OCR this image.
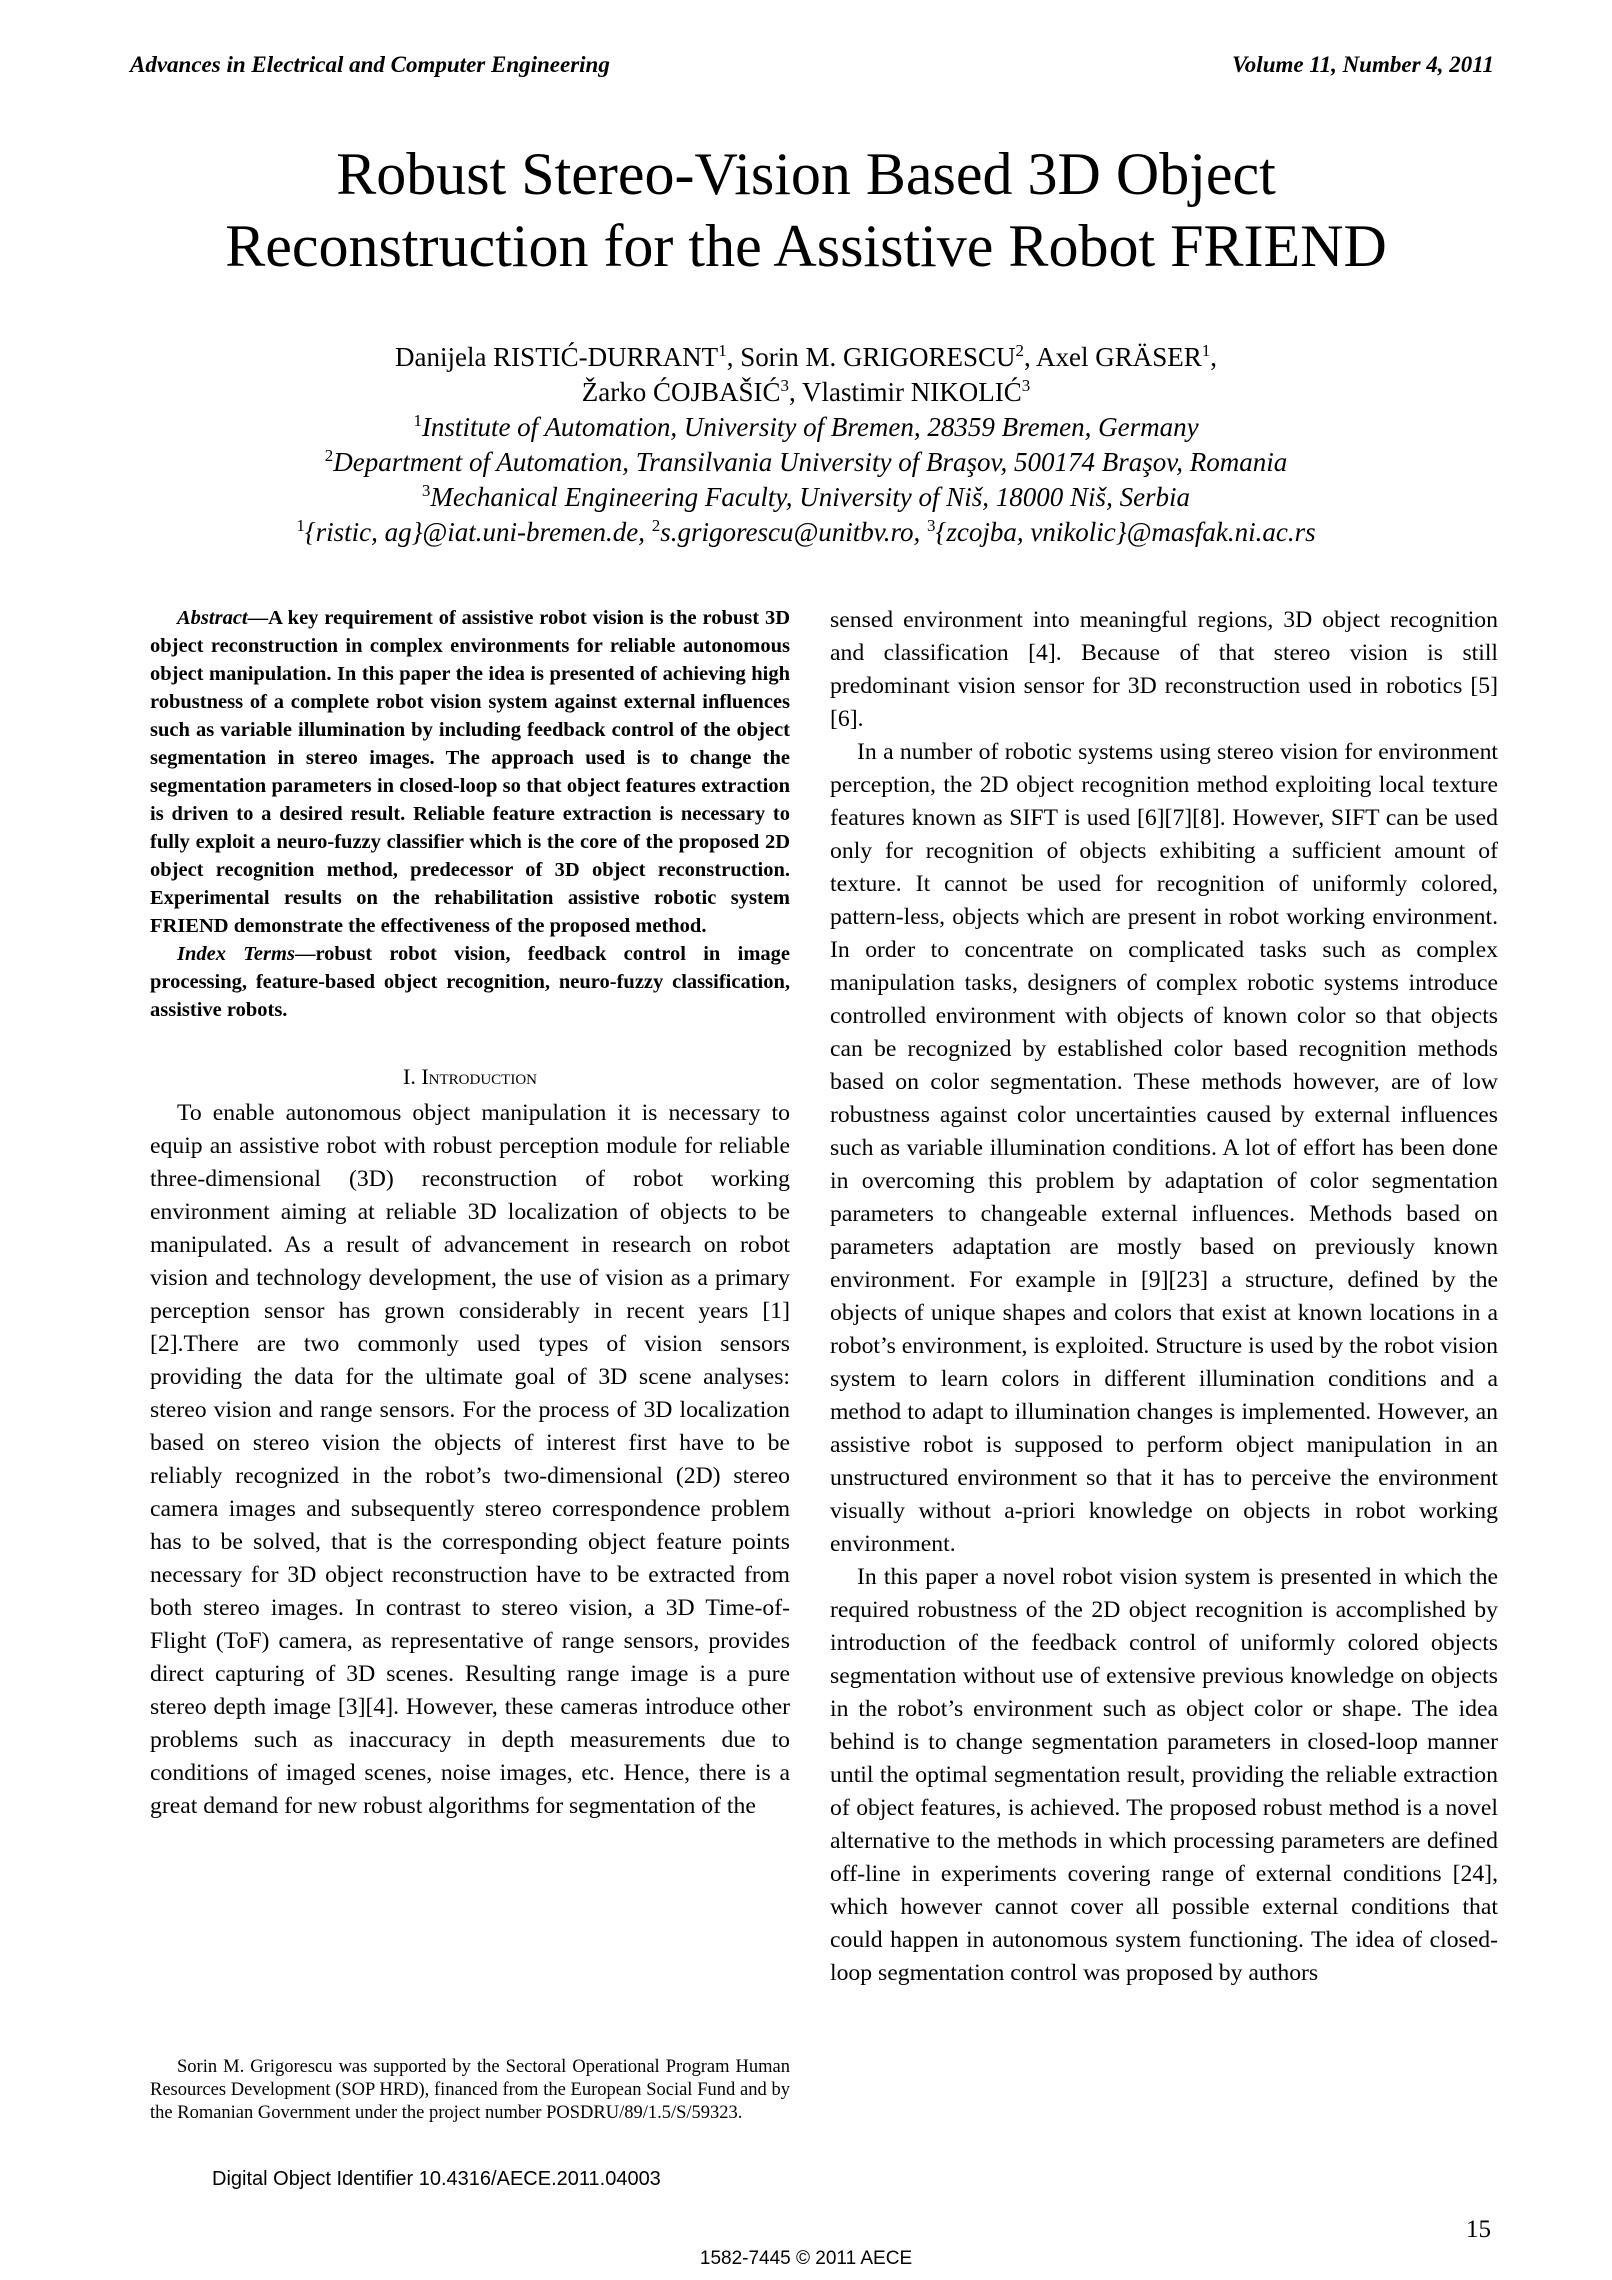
Advances in Electrical and Computer Engineering	Volume 11, Number 4, 2011
Robust Stereo-Vision Based 3D Object
Reconstruction for the Assistive Robot FRIEND
Danijela RISTIĆ-DURRANT$^1$, Sorin M. GRIGORESCU$^2$, Axel GRÄSER$^1$,
Žarko ĆOJBAŠIĆ$^3$, Vlastimir NIKOLIĆ$^3$
$^1$Institute of Automation, University of Bremen, 28359 Bremen, Germany
$^2$Department of Automation, Transilvania University of Braşov, 500174 Braşov, Romania
$^3$Mechanical Engineering Faculty, University of Niš, 18000 Niš, Serbia
$^1${ristic, ag}@iat.uni-bremen.de, $^2$s.grigorescu@unitbv.ro, $^3${zcojba, vnikolic}@masfak.ni.ac.rs

Abstract—A key requirement of assistive robot vision is the robust 3D object reconstruction in complex environments for reliable autonomous object manipulation. In this paper the idea is presented of achieving high robustness of a complete robot vision system against external influences such as variable illumination by including feedback control of the object segmentation in stereo images. The approach used is to change the segmentation parameters in closed-loop so that object features extraction is driven to a desired result. Reliable feature extraction is necessary to fully exploit a neuro-fuzzy classifier which is the core of the proposed 2D object recognition method, predecessor of 3D object reconstruction. Experimental results on the rehabilitation assistive robotic system FRIEND demonstrate the effectiveness of the proposed method.

Index Terms—robust robot vision, feedback control in image processing, feature-based object recognition, neuro-fuzzy classification, assistive robots.

I. Introduction

To enable autonomous object manipulation it is necessary to equip an assistive robot with robust perception module for reliable three-dimensional (3D) reconstruction of robot working environment aiming at reliable 3D localization of objects to be manipulated. As a result of advancement in research on robot vision and technology development, the use of vision as a primary perception sensor has grown considerably in recent years [1][2].There are two commonly used types of vision sensors providing the data for the ultimate goal of 3D scene analyses: stereo vision and range sensors. For the process of 3D localization based on stereo vision the objects of interest first have to be reliably recognized in the robot’s two-dimensional (2D) stereo camera images and subsequently stereo correspondence problem has to be solved, that is the corresponding object feature points necessary for 3D object reconstruction have to be extracted from both stereo images. In contrast to stereo vision, a 3D Time-of-Flight (ToF) camera, as representative of range sensors, provides direct capturing of 3D scenes. Resulting range image is a pure stereo depth image [3][4]. However, these cameras introduce other problems such as inaccuracy in depth measurements due to conditions of imaged scenes, noise images, etc. Hence, there is a great demand for new robust algorithms for segmentation of the

sensed environment into meaningful regions, 3D object recognition and classification [4]. Because of that stereo vision is still predominant vision sensor for 3D reconstruction used in robotics [5][6].

In a number of robotic systems using stereo vision for environment perception, the 2D object recognition method exploiting local texture features known as SIFT is used [6][7][8]. However, SIFT can be used only for recognition of objects exhibiting a sufficient amount of texture. It cannot be used for recognition of uniformly colored, pattern-less, objects which are present in robot working environment. In order to concentrate on complicated tasks such as complex manipulation tasks, designers of complex robotic systems introduce controlled environment with objects of known color so that objects can be recognized by established color based recognition methods based on color segmentation. These methods however, are of low robustness against color uncertainties caused by external influences such as variable illumination conditions. A lot of effort has been done in overcoming this problem by adaptation of color segmentation parameters to changeable external influences. Methods based on parameters adaptation are mostly based on previously known environment. For example in [9][23] a structure, defined by the objects of unique shapes and colors that exist at known locations in a robot’s environment, is exploited. Structure is used by the robot vision system to learn colors in different illumination conditions and a method to adapt to illumination changes is implemented. However, an assistive robot is supposed to perform object manipulation in an unstructured environment so that it has to perceive the environment visually without a-priori knowledge on objects in robot working environment.

In this paper a novel robot vision system is presented in which the required robustness of the 2D object recognition is accomplished by introduction of the feedback control of uniformly colored objects segmentation without use of extensive previous knowledge on objects in the robot’s environment such as object color or shape. The idea behind is to change segmentation parameters in closed-loop manner until the optimal segmentation result, providing the reliable extraction of object features, is achieved. The proposed robust method is a novel alternative to the methods in which processing parameters are defined off-line in experiments covering range of external conditions [24], which however cannot cover all possible external conditions that could happen in autonomous system functioning. The idea of closed-loop segmentation control was proposed by authors

Sorin M. Grigorescu was supported by the Sectoral Operational Program Human Resources Development (SOP HRD), financed from the European Social Fund and by the Romanian Government under the project number POSDRU/89/1.5/S/59323.
Digital Object Identifier 10.4316/AECE.2011.04003
15
1582-7445 © 2011 AECE
